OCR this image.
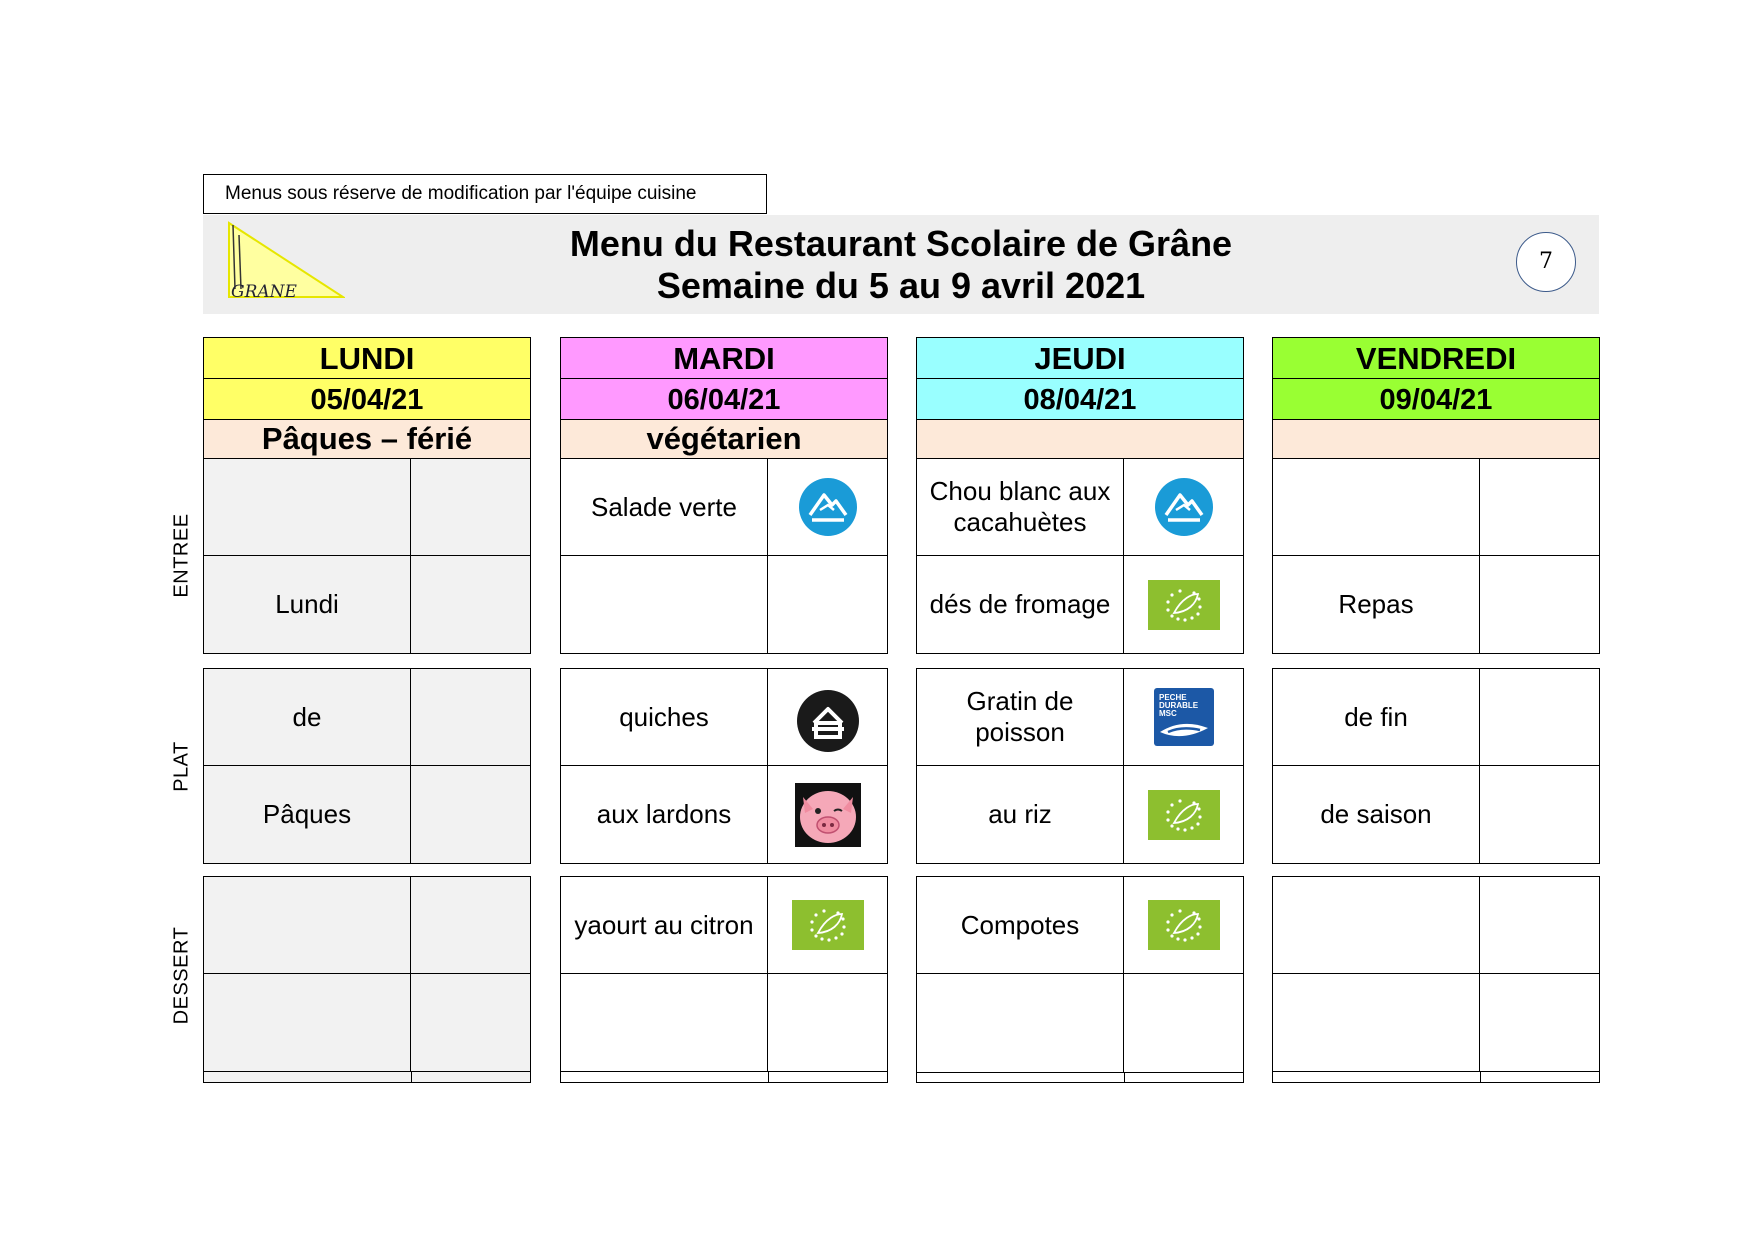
Menus sous réserve de modification par l'équipe cuisine
GRANE
Menu du Restaurant Scolaire de Grâne
Semaine du 5 au 9 avril 2021
7
ENTREE
PLAT
DESSERT
LUNDI
05/04/21
Pâques – férié
Lundi
de
Pâques
MARDI
06/04/21
végétarien
Salade verte
quiches
aux lardons
yaourt au citron
JEUDI
08/04/21
Chou blanc aux cacahuètes
dés de fromage
Gratin de poisson
au riz
Compotes
VENDREDI
09/04/21
Repas
de fin
de saison
